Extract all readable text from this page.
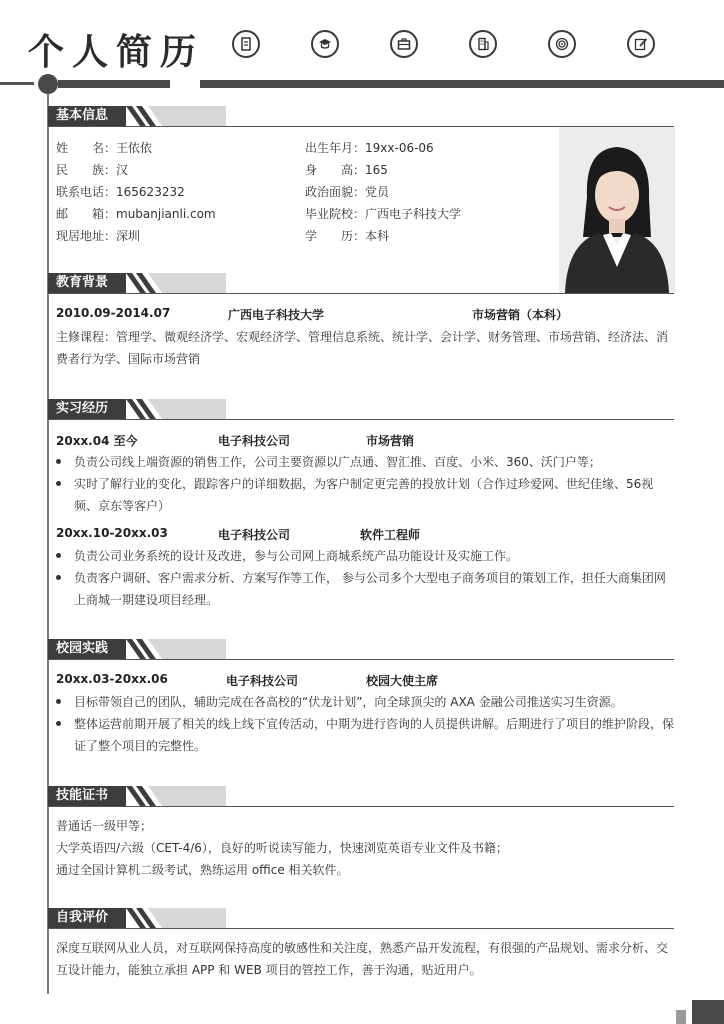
个人简历
基本信息
姓　　名：王依依
民　　族：汉
联系电话：165623232
邮　　箱：mubanjianli.com
现居地址：深圳
出生年月：19xx-06-06
身　　高：165
政治面貌：党员
毕业院校：广西电子科技大学
学　　历：本科
教育背景
2010.09-2014.07	广西电子科技大学	市场营销（本科）
主修课程：管理学、微观经济学、宏观经济学、管理信息系统、统计学、会计学、财务管理、市场营销、经济法、消费者行为学、国际市场营销
实习经历
20xx.04 至今	电子科技公司	市场营销
负责公司线上端资源的销售工作，公司主要资源以广点通、智汇推、百度、小米、360、沃门户等；
实时了解行业的变化，跟踪客户的详细数据，为客户制定更完善的投放计划（合作过珍爱网、世纪佳缘、56视频、京东等客户）
20xx.10-20xx.03	电子科技公司	软件工程师
负责公司业务系统的设计及改进，参与公司网上商城系统产品功能设计及实施工作。
负责客户调研、客户需求分析、方案写作等工作， 参与公司多个大型电子商务项目的策划工作，担任大商集团网上商城一期建设项目经理。
校园实践
20xx.03-20xx.06	电子科技公司	校园大使主席
目标带领自己的团队，辅助完成在各高校的“伏龙计划”，向全球顶尖的 AXA 金融公司推送实习生资源。
整体运营前期开展了相关的线上线下宣传活动，中期为进行咨询的人员提供讲解。后期进行了项目的维护阶段，保证了整个项目的完整性。
技能证书
普通话一级甲等；
大学英语四/六级（CET-4/6），良好的听说读写能力，快速浏览英语专业文件及书籍；
通过全国计算机二级考试，熟练运用 office 相关软件。
自我评价
深度互联网从业人员，对互联网保持高度的敏感性和关注度，熟悉产品开发流程，有很强的产品规划、需求分析、交互设计能力，能独立承担 APP 和 WEB 项目的管控工作，善于沟通，贴近用户。
